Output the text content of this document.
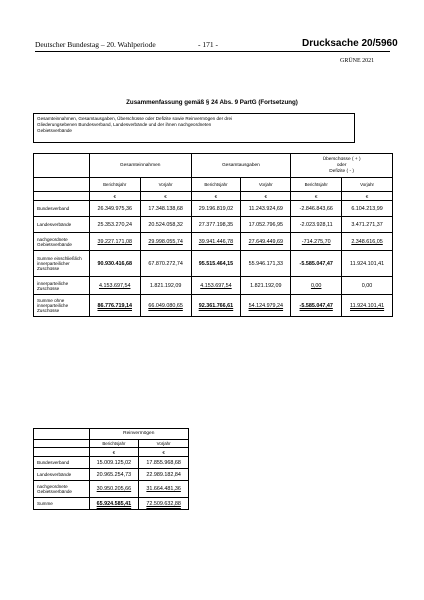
Deutscher Bundestag – 20. Wahlperiode	- 171 -	Drucksache 20/5960
GRÜNE 2021
Zusammenfassung gemäß § 24 Abs. 9 PartG (Fortsetzung)
Gesamteinnahmen, Gesamtausgaben, Überschüsse oder Defizite sowie Reinvermögen der drei
Gliederungsebenen Bundesverband, Landesverbände und der ihnen nachgeordneten
Gebietsverbände
	Gesamteinnahmen		Gesamtausgaben		Überschüsse ( + )
oder
Defizite ( - )	

	Berichtsjahr	Vorjahr	Berichtsjahr	Vorjahr	Berichtsjahr	Vorjahr
	€	€	€	€	€	€
Bundesverband	26.349.975,36	17.348.138,68	29.196.819,02	11.243.924,69	-2.846.843,66	6.104.213,99
Landesverbände	25.353.270,24	20.524.058,32	27.377.198,35	17.052.796,95	-2.023.928,11	3.471.271,37
nachgeordnete Gebietsverbände	39.227.171,08	29.998.055,74	39.941.446,78	27.649.449,69	-714.275,70	2.348.616,05
Summe einschließlich innerparteilicher Zuschüsse	90.930.416,68	67.870.272,74	95.515.464,15	55.946.171,33	-5.585.047,47	11.924.101,41
innerparteiliche Zuschüsse	4.153.697,54	1.821.192,09	4.153.697,54	1.821.192,09	0,00	0,00
Summe ohne innerparteiliche Zuschüsse	86.776.719,14	66.049.080,65	92.361.766,61	54.124.979,24	-5.585.047,47	11.924.101,41
	Reinvermögen	
	Berichtsjahr	Vorjahr
	€	€
Bundesverband	15.009.125,02	17.855.968,68
Landesverbände	20.965.254,73	22.989.182,84
nachgeordnete Gebietsverbände	30.950.205,66	31.664.481,36
Summe	65.924.585,41	72.509.632,88
